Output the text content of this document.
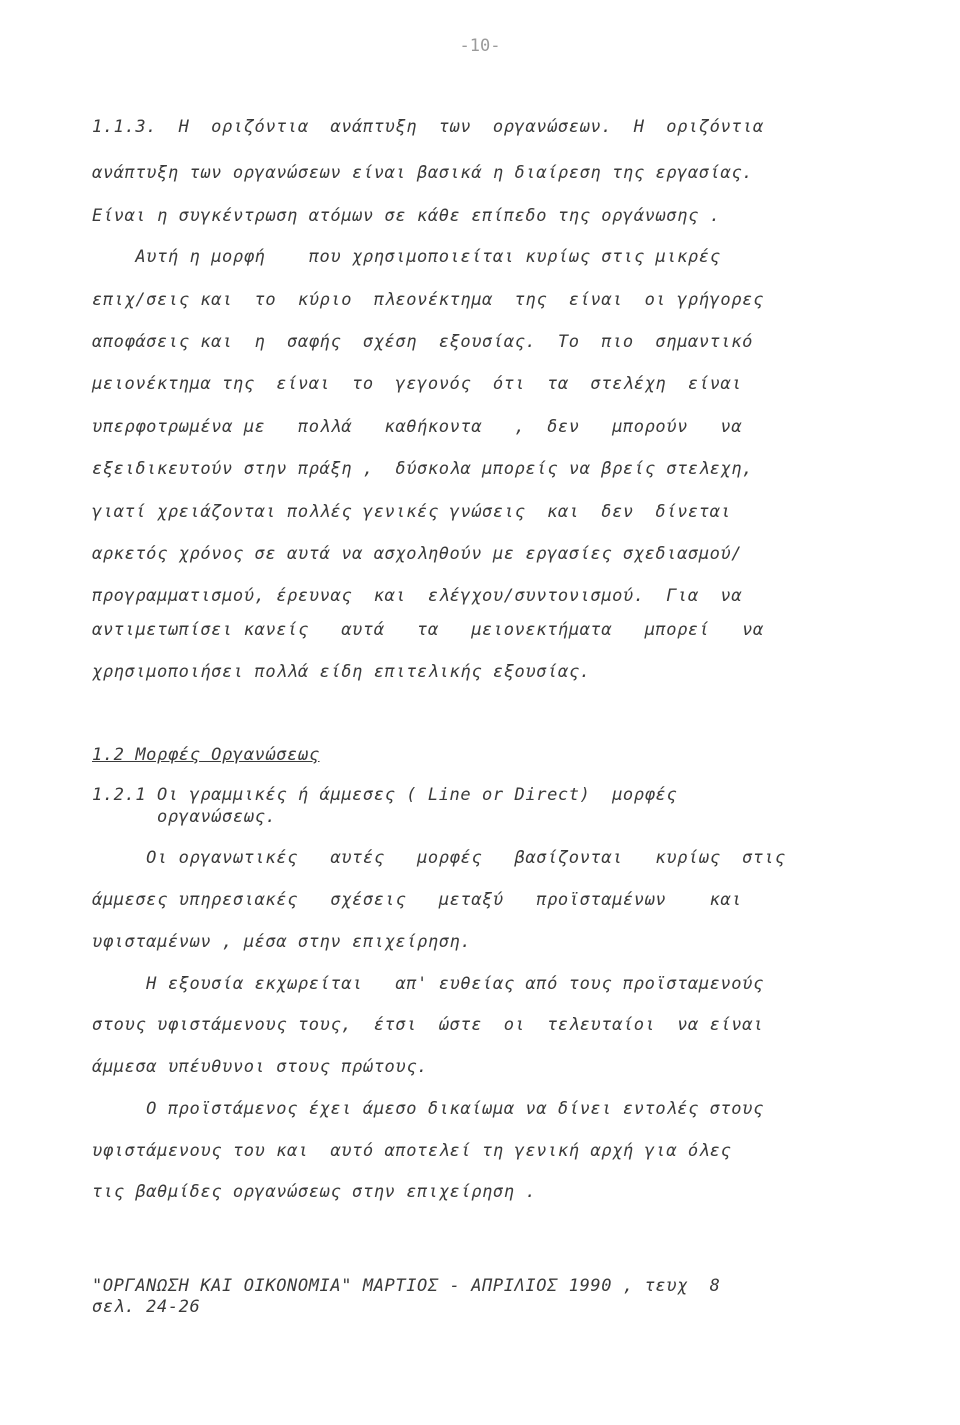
-10-
1.1.3.  Η  οριζόντια  ανάπτυξη  των  οργανώσεων.  Η  οριζόντια
ανάπτυξη των οργανώσεων είναι βασικά η διαίρεση της εργασίας.
Είναι η συγκέντρωση ατόμων σε κάθε επίπεδο της οργάνωσης .
Αυτή η μορφή    που χρησιμοποιείται κυρίως στις μικρές
επιχ/σεις και  το  κύριο  πλεονέκτημα  της  είναι  οι γρήγορες
αποφάσεις και  η  σαφής  σχέση  εξουσίας.  Το  πιο  σημαντικό
μειονέκτημα της  είναι  το  γεγονός  ότι  τα  στελέχη  είναι
υπερφοτρωμένα με   πολλά   καθήκοντα   ,  δεν   μπορούν   να
εξειδικευτούν στην πράξη ,  δύσκολα μπορείς να βρείς στελεχη,
γιατί χρειάζονται πολλές γενικές γνώσεις  και  δεν  δίνεται
αρκετός χρόνος σε αυτά να ασχοληθούν με εργασίες σχεδιασμού/
προγραμματισμού, έρευνας  και  ελέγχου/συντονισμού.  Για  να
αντιμετωπίσει κανείς   αυτά   τα   μειονεκτήματα   μπορεί   να
χρησιμοποιήσει πολλά είδη επιτελικής εξουσίας.
1.2 Μορφές Οργανώσεως
1.2.1 Οι γραμμικές ή άμμεσες ( Line or Direct)  μορφές
οργανώσεως.
Οι οργανωτικές   αυτές   μορφές   βασίζονται   κυρίως  στις
άμμεσες υπηρεσιακές   σχέσεις   μεταξύ   προϊσταμένων    και
υφισταμένων , μέσα στην επιχείρηση.
Η εξουσία εκχωρείται   απ' ευθείας από τους προϊσταμενούς
στους υφιστάμενους τους,  έτσι  ώστε  οι  τελευταίοι  να είναι
άμμεσα υπέυθυνοι στους πρώτους.
Ο προϊστάμενος έχει άμεσο δικαίωμα να δίνει εντολές στους
υφιστάμενους του και  αυτό αποτελεί τη γενική αρχή για όλες
τις βαθμίδες οργανώσεως στην επιχείρηση .
"ΟΡΓΑΝΩΣΗ ΚΑΙ ΟΙΚΟΝΟΜΙΑ" ΜΑΡΤΙΟΣ - ΑΠΡΙΛΙΟΣ 1990 , τευχ  8
σελ. 24-26
